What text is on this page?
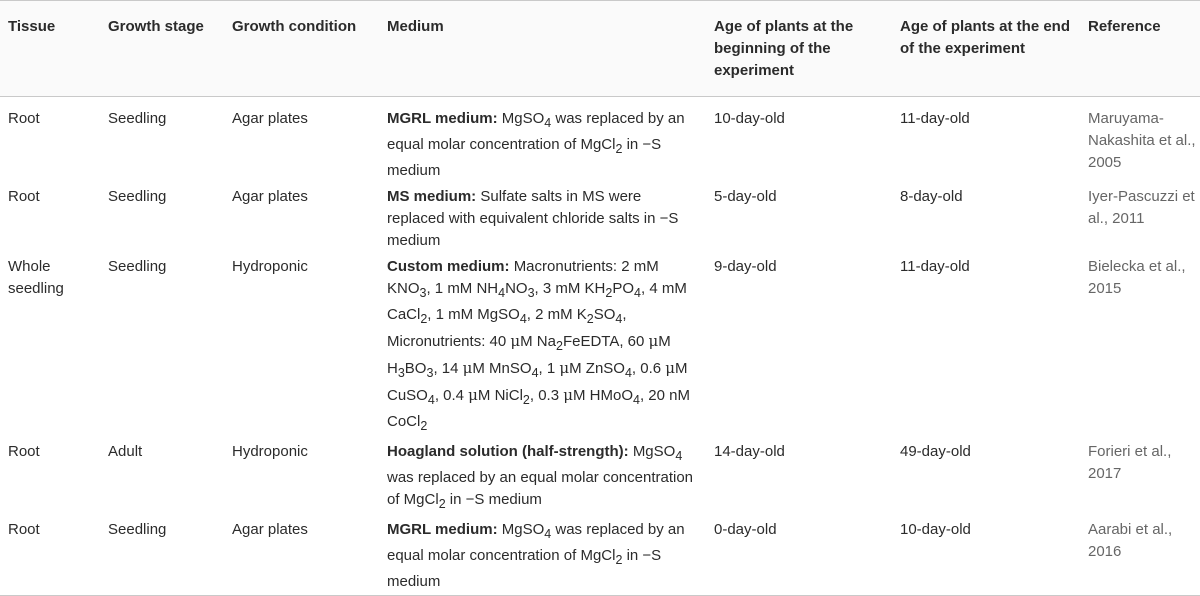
Tissue	Growth stage	Growth condition	Medium	Age of plants at the beginning of the experiment	Age of plants at the end of the experiment	Reference
Root	Seedling	Agar plates	MGRL medium: MgSO$_4$ was replaced by an equal molar concentration of MgCl$_2$ in −S medium	10-day-old	11-day-old	Maruyama-Nakashita et al., 2005
Root	Seedling	Agar plates	MS medium: Sulfate salts in MS were replaced with equivalent chloride salts in −S medium	5-day-old	8-day-old	Iyer-Pascuzzi et al., 2011
Whole seedling	Seedling	Hydroponic	Custom medium: Macronutrients: 2 mM $KNO_3$, 1 mM $NH_4NO_3$, 3 mM $KH_2PO_4$, 4 mM CaCl$_2$, 1 mM MgSO$_4$, 2 mM $K_2SO_4$, Micronutrients: 40 μM $Na_2FeEDTA$, 60 μM $H_3BO_3$, 14 μM MnSO$_4$, 1 μM ZnSO$_4$, 0.6 μM CuSO$_4$, 0.4 μM NiCl$_2$, 0.3 μM HMoO$_4$, 20 nM CoCl$_2$	9-day-old	11-day-old	Bielecka et al., 2015
Root	Adult	Hydroponic	Hoagland solution (half-strength): MgSO$_4$ was replaced by an equal molar concentration of MgCl$_2$ in −S medium	14-day-old	49-day-old	Forieri et al., 2017
Root	Seedling	Agar plates	MGRL medium: MgSO$_4$ was replaced by an equal molar concentration of MgCl$_2$ in −S medium	0-day-old	10-day-old	Aarabi et al., 2016
